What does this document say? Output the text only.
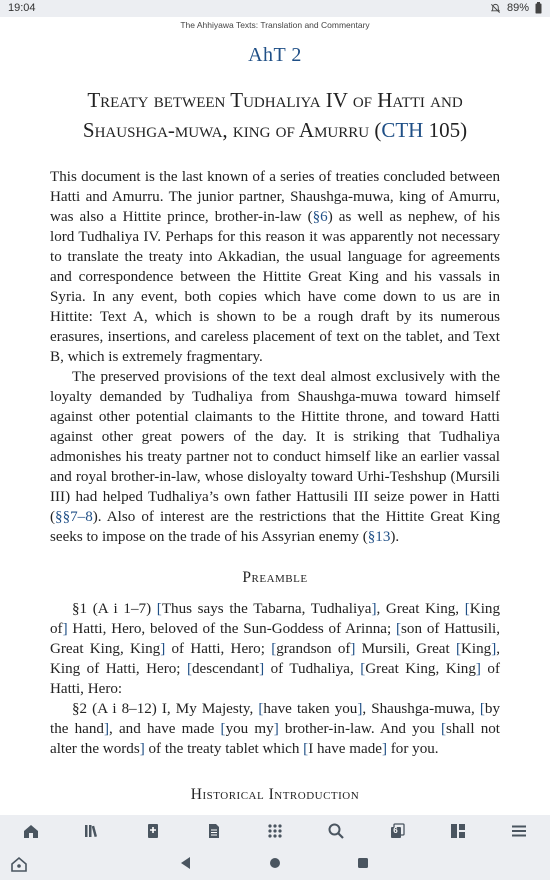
19:04	89%
The Ahhiyawa Texts: Translation and Commentary
AhT 2
Treaty between Tudhaliya IV of Hatti and Shaushga-muwa, king of Amurru (CTH 105)

This document is the last known of a series of treaties concluded between Hatti and Amurru. The junior partner, Shaushga-muwa, king of Amurru, was also a Hittite prince, brother-in-law (§6) as well as nephew, of his lord Tudhaliya IV. Perhaps for this reason it was apparently not necessary to translate the treaty into Akkadian, the usual language for agreements and correspondence between the Hittite Great King and his vassals in Syria. In any event, both copies which have come down to us are in Hittite: Text A, which is shown to be a rough draft by its numerous erasures, insertions, and careless placement of text on the tablet, and Text B, which is extremely fragmentary.

The preserved provisions of the text deal almost exclusively with the loyalty demanded by Tudhaliya from Shaushga-muwa toward himself against other potential claimants to the Hittite throne, and toward Hatti against other great powers of the day. It is striking that Tudhaliya admonishes his treaty partner not to conduct himself like an earlier vassal and royal brother-in-law, whose disloyalty toward Urhi-Teshshup (Mursili III) had helped Tudhaliya’s own father Hattusili III seize power in Hatti (§§7–8). Also of interest are the restrictions that the Hittite Great King seeks to impose on the trade of his Assyrian enemy (§13).

Preamble

§1 (A i 1–7) [Thus says the Tabarna, Tudhaliya], Great King, [King of] Hatti, Hero, beloved of the Sun-Goddess of Arinna; [son of Hattusili, Great King, King] of Hatti, Hero; [grandson of] Mursili, Great [King], King of Hatti, Hero; [descendant] of Tudhaliya, [Great King, King] of Hatti, Hero:

§2 (A i 8–12) I, My Majesty, [have taken you], Shaushga-muwa, [by the hand], and have made [you my] brother-in-law. And you [shall not alter the words] of the treaty tablet which [I have made] for you.

Historical Introduction
6
